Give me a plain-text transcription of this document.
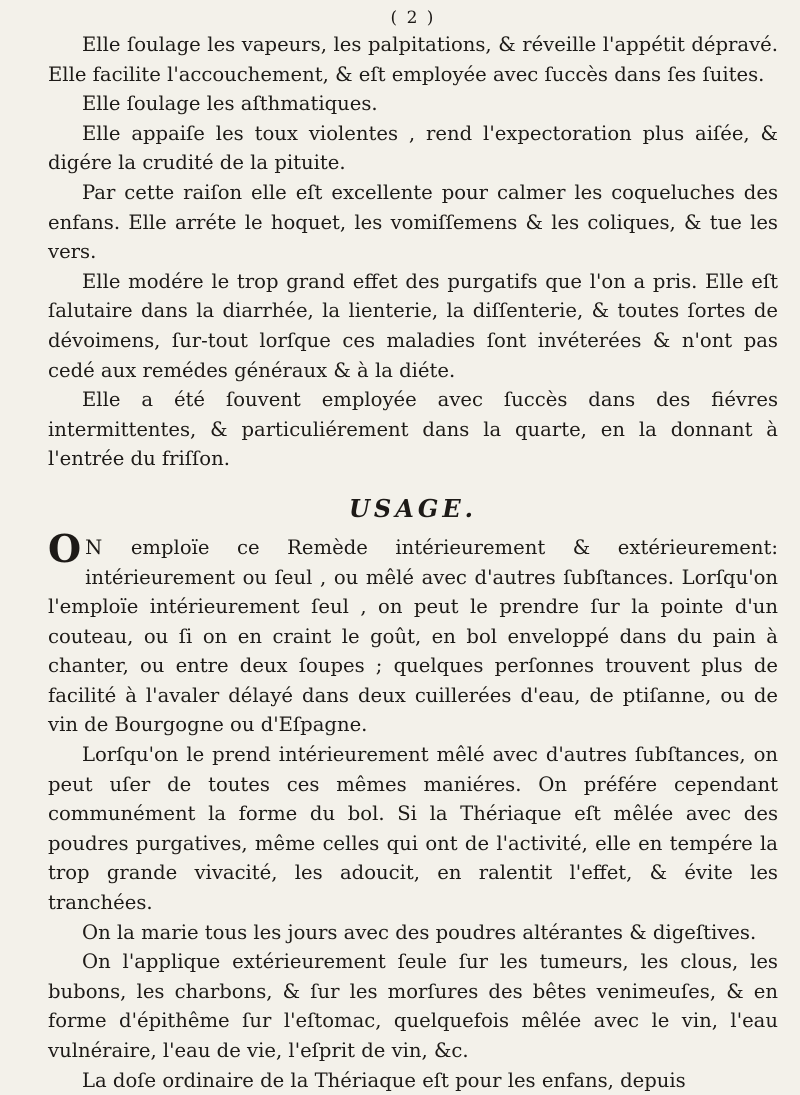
( 2 )

Elle ſoulage les vapeurs, les palpitations, & réveille l'appétit dépravé. Elle facilite l'accouchement, & eſt employée avec ſuccès dans ſes ſuites.

Elle ſoulage les aſthmatiques.

Elle appaiſe les toux violentes , rend l'expectoration plus aiſée, & digére la crudité de la pituite.

Par cette raiſon elle eſt excellente pour calmer les coqueluches des enfans. Elle arréte le hoquet, les vomiſſemens & les coliques, & tue les vers.

Elle modére le trop grand effet des purgatifs que l'on a pris. Elle eſt ſalutaire dans la diarrhée, la lienterie, la diſſenterie, & toutes ſortes de dévoimens, ſur-tout lorſque ces maladies ſont invéterées & n'ont pas cedé aux remédes généraux & à la diéte.

Elle a été ſouvent employée avec ſuccès dans des fiévres intermittentes, & particuliérement dans la quarte, en la donnant à l'entrée du friſſon.

USAGE.

O N emploïe ce Remède intérieurement & extérieurement: intérieurement ou ſeul , ou mêlé avec d'autres ſubſtances. Lorſqu'on l'emploïe intérieurement ſeul , on peut le prendre ſur la pointe d'un couteau, ou ſi on en craint le goût, en bol enveloppé dans du pain à chanter, ou entre deux ſoupes ; quelques perſonnes trouvent plus de facilité à l'avaler délayé dans deux cuillerées d'eau, de ptiſanne, ou de vin de Bourgogne ou d'Eſpagne.

Lorſqu'on le prend intérieurement mêlé avec d'autres ſubſtances, on peut uſer de toutes ces mêmes maniéres. On préfére cependant communément la forme du bol. Si la Thériaque eſt mêlée avec des poudres purgatives, même celles qui ont de l'activité, elle en tempére la trop grande vivacité, les adoucit, en ralentit l'effet, & évite les tranchées.

On la marie tous les jours avec des poudres altérantes & digeſtives.

On l'applique extérieurement ſeule ſur les tumeurs, les clous, les bubons, les charbons, & ſur les morſures des bêtes venimeuſes, & en forme d'épithême ſur l'eſtomac, quelquefois mêlée avec le vin, l'eau vulnéraire, l'eau de vie, l'eſprit de vin, &c.

La doſe ordinaire de la Thériaque eſt pour les enfans, depuis
